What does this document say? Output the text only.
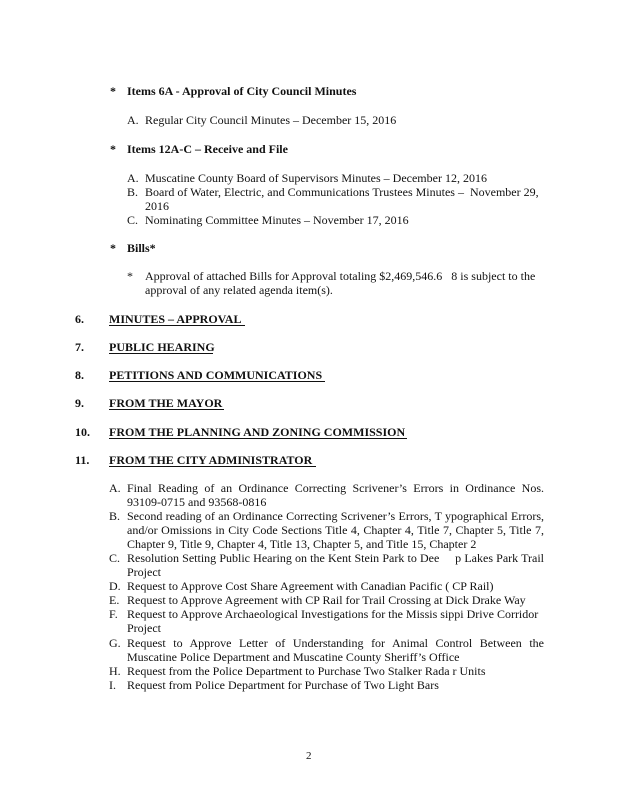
* Items 6A - Approval of City Council Minutes
A. Regular City Council Minutes – December 15, 2016
* Items 12A-C – Receive and File
A. Muscatine County Board of Supervisors Minutes – December 12, 2016
B. Board of Water, Electric, and Communications Trustees Minutes –  November 29,
2016
C. Nominating Committee Minutes – November 17, 2016
* Bills*
* Approval of attached Bills for Approval totaling $2,469,546.6   8 is subject to the
approval of any related agenda item(s).
6. MINUTES – APPROVAL
7. PUBLIC HEARING
8. PETITIONS AND COMMUNICATIONS
9. FROM THE MAYOR
10. FROM THE PLANNING AND ZONING COMMISSION
11. FROM THE CITY ADMINISTRATOR
A. Final Reading of an Ordinance Correcting Scrivener’s Errors in Ordinance Nos.
93109-0715 and 93568-0816
B. Second reading of an Ordinance Correcting Scrivener’s Errors, T ypographical Errors,
and/or Omissions in City Code Sections Title 4, Chapter 4, Title 7, Chapter 5, Title 7,
Chapter 9, Title 9, Chapter 4, Title 13, Chapter 5, and Title 15, Chapter 2
C. Resolution Setting Public Hearing on the Kent Stein Park to Dee     p Lakes Park Trail
Project
D. Request to Approve Cost Share Agreement with Canadian Pacific ( CP Rail)
E. Request to Approve Agreement with CP Rail for Trail Crossing at Dick Drake Way
F. Request to Approve Archaeological Investigations for the Missis sippi Drive Corridor
Project
G. Request to Approve Letter of Understanding for Animal Control Between the
Muscatine Police Department and Muscatine County Sheriff’s Office
H. Request from the Police Department to Purchase Two Stalker Rada r Units
I. Request from Police Department for Purchase of Two Light Bars
2
